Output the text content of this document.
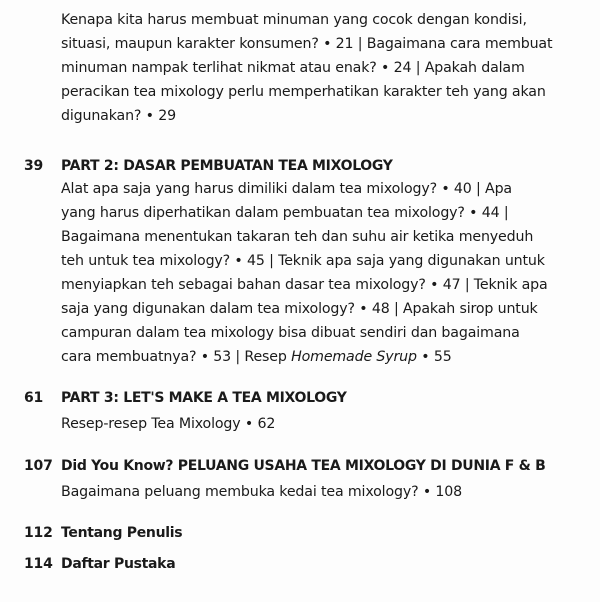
Kenapa kita harus membuat minuman yang cocok dengan kondisi,
situasi, maupun karakter konsumen? • 21 | Bagaimana cara membuat
minuman nampak terlihat nikmat atau enak? • 24 | Apakah dalam
peracikan tea mixology perlu memperhatikan karakter teh yang akan
digunakan? • 29
39 PART 2: DASAR PEMBUATAN TEA MIXOLOGY
Alat apa saja yang harus dimiliki dalam tea mixology? • 40 | Apa
yang harus diperhatikan dalam pembuatan tea mixology? • 44 |
Bagaimana menentukan takaran teh dan suhu air ketika menyeduh
teh untuk tea mixology? • 45 | Teknik apa saja yang digunakan untuk
menyiapkan teh sebagai bahan dasar tea mixology? • 47 | Teknik apa
saja yang digunakan dalam tea mixology? • 48 | Apakah sirop untuk
campuran dalam tea mixology bisa dibuat sendiri dan bagaimana
cara membuatnya? • 53 | Resep Homemade Syrup • 55
61 PART 3: LET'S MAKE A TEA MIXOLOGY
Resep-resep Tea Mixology • 62
107 Did You Know? PELUANG USAHA TEA MIXOLOGY DI DUNIA F & B
Bagaimana peluang membuka kedai tea mixology? • 108
112 Tentang Penulis
114 Daftar Pustaka
